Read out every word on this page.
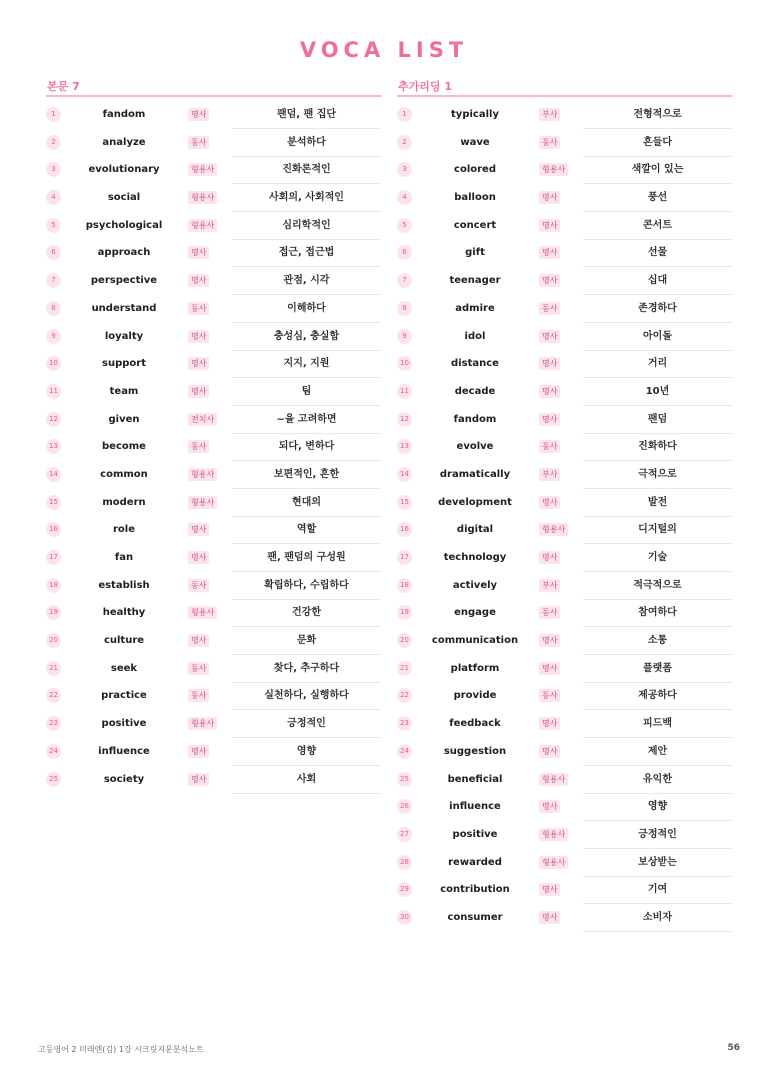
VOCA LIST
본문 7
1	fandom	명사	팬덤, 팬 집단
2	analyze	동사	분석하다
3	evolutionary	형용사	진화론적인
4	social	형용사	사회의, 사회적인
5	psychological	형용사	심리학적인
6	approach	명사	접근, 접근법
7	perspective	명사	관점, 시각
8	understand	동사	이해하다
9	loyalty	명사	충성심, 충실함
10	support	명사	지지, 지원
11	team	명사	팀
12	given	전치사	~을 고려하면
13	become	동사	되다, 변하다
14	common	형용사	보편적인, 흔한
15	modern	형용사	현대의
16	role	명사	역할
17	fan	명사	팬, 팬덤의 구성원
18	establish	동사	확립하다, 수립하다
19	healthy	형용사	건강한
20	culture	명사	문화
21	seek	동사	찾다, 추구하다
22	practice	동사	실천하다, 실행하다
23	positive	형용사	긍정적인
24	influence	명사	영향
25	society	명사	사회
추가리딩 1
1	typically	부사	전형적으로
2	wave	동사	흔들다
3	colored	형용사	색깔이 있는
4	balloon	명사	풍선
5	concert	명사	콘서트
6	gift	명사	선물
7	teenager	명사	십대
8	admire	동사	존경하다
9	idol	명사	아이돌
10	distance	명사	거리
11	decade	명사	10년
12	fandom	명사	팬덤
13	evolve	동사	진화하다
14	dramatically	부사	극적으로
15	development	명사	발전
16	digital	형용사	디지털의
17	technology	명사	기술
18	actively	부사	적극적으로
19	engage	동사	참여하다
20	communication	명사	소통
21	platform	명사	플랫폼
22	provide	동사	제공하다
23	feedback	명사	피드백
24	suggestion	명사	제안
25	beneficial	형용사	유익한
26	influence	명사	영향
27	positive	형용사	긍정적인
28	rewarded	형용사	보상받는
29	contribution	명사	기여
30	consumer	명사	소비자
고등영어 2 미래엔(김) 1강 시크릿지문분석노트	56
